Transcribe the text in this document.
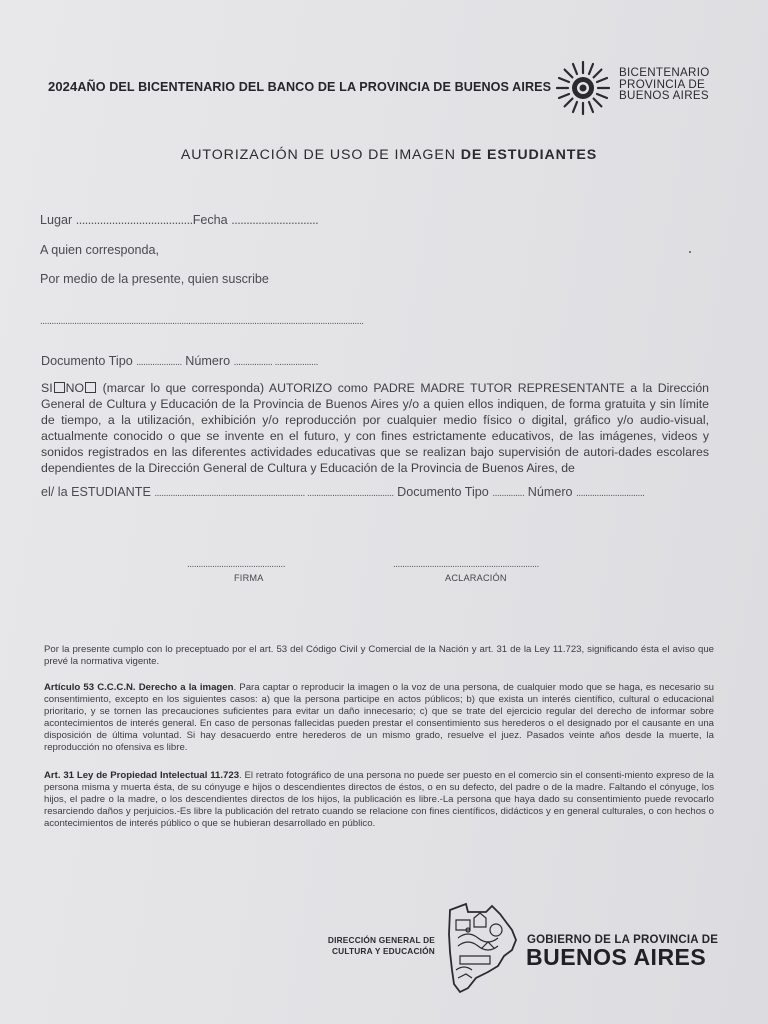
2024AÑO DEL BICENTENARIO DEL BANCO DE LA PROVINCIA DE BUENOS AIRES
BICENTENARIO
PROVINCIA DE
BUENOS AIRES
AUTORIZACIÓN DE USO DE IMAGEN DE ESTUDIANTES
Lugar .......................................Fecha .............................
A quien corresponda,
Por medio de la presente, quien suscribe
..............................................................................................................................................
Documento Tipo .................... Número ................. ...................
SI NO (marcar lo que corresponda) AUTORIZO como PADRE MADRE TUTOR REPRESENTANTE a la Dirección General de Cultura y Educación de la Provincia de Buenos Aires y/o a quien ellos indiquen, de forma gratuita y sin límite de tiempo, a la utilización, exhibición y/o reproducción por cualquier medio físico o digital, gráfico y/o audio-visual, actualmente conocido o que se invente en el futuro, y con fines estrictamente educativos, de las imágenes, videos y sonidos registrados en las diferentes actividades educativas que se realizan bajo supervisión de autori-dades escolares dependientes de la Dirección General de Cultura y Educación de la Provincia de Buenos Aires, de
el/ la ESTUDIANTE .................................................................. ...................................... Documento Tipo .............. Número ..............................
...........................................
FIRMA
................................................................
ACLARACIÓN
Por la presente cumplo con lo preceptuado por el art. 53 del Código Civil y Comercial de la Nación y art. 31 de la Ley 11.723, significando ésta el aviso que prevé la normativa vigente.
Artículo 53 C.C.C.N. Derecho a la imagen. Para captar o reproducir la imagen o la voz de una persona, de cualquier modo que se haga, es necesario su consentimiento, excepto en los siguientes casos: a) que la persona participe en actos públicos; b) que exista un interés científico, cultural o educacional prioritario, y se tornen las precauciones suficientes para evitar un daño innecesario; c) que se trate del ejercicio regular del derecho de informar sobre acontecimientos de interés general. En caso de personas fallecidas pueden prestar el consentimiento sus herederos o el designado por el causante en una disposición de última voluntad. Si hay desacuerdo entre herederos de un mismo grado, resuelve el juez. Pasados veinte años desde la muerte, la reproducción no ofensiva es libre.
Art. 31 Ley de Propiedad Intelectual 11.723. El retrato fotográfico de una persona no puede ser puesto en el comercio sin el consenti-miento expreso de la persona misma y muerta ésta, de su cónyuge e hijos o descendientes directos de éstos, o en su defecto, del padre o de la madre. Faltando el cónyuge, los hijos, el padre o la madre, o los descendientes directos de los hijos, la publicación es libre.-La persona que haya dado su consentimiento puede revocarlo resarciendo daños y perjuicios.-Es libre la publicación del retrato cuando se relacione con fines científicos, didácticos y en general culturales, o con hechos o acontecimientos de interés público o que se hubieran desarrollado en público.
DIRECCIÓN GENERAL DE
CULTURA Y EDUCACIÓN
GOBIERNO DE LA PROVINCIA DE
BUENOS AIRES
